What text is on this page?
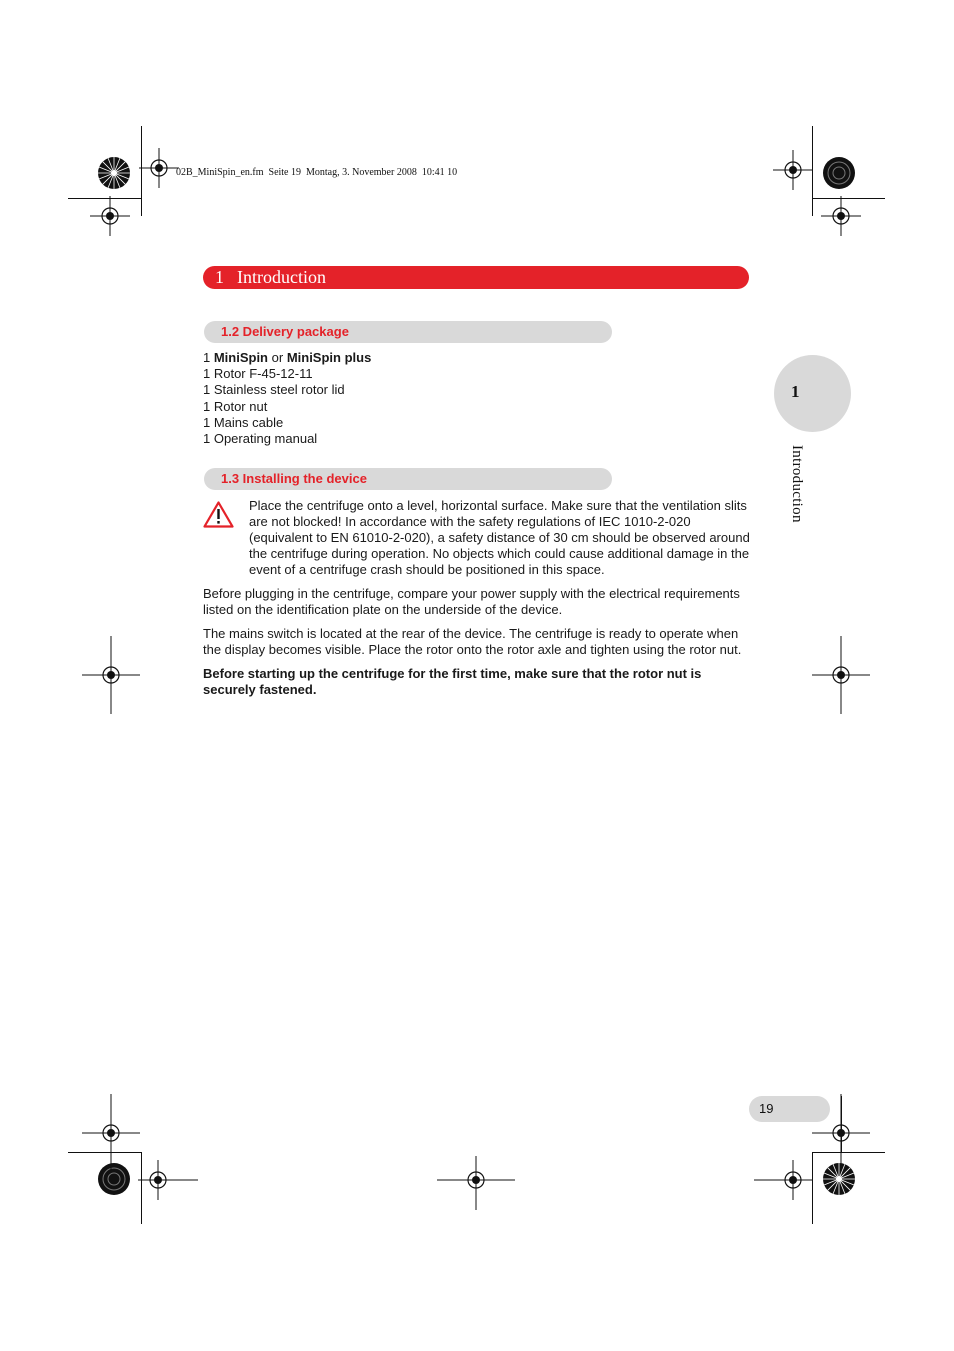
02B_MiniSpin_en.fm  Seite 19  Montag, 3. November 2008  10:41 10
1 Introduction
1.2 Delivery package
1 MiniSpin or MiniSpin plus
1 Rotor F-45-12-11
1 Stainless steel rotor lid
1 Rotor nut
1 Mains cable
1 Operating manual
1.3 Installing the device

Place the centrifuge onto a level, horizontal surface. Make sure that the ventilation slits are not blocked! In accordance with the safety regulations of IEC 1010-2-020 (equivalent to EN 61010-2-020), a safety distance of 30 cm should be observed around the centrifuge during operation. No objects which could cause additional damage in the event of a centrifuge crash should be positioned in this space.

Before plugging in the centrifuge, compare your power supply with the electrical requirements listed on the identification plate on the underside of the device.

The mains switch is located at the rear of the device. The centrifuge is ready to operate when the display becomes visible. Place the rotor onto the rotor axle and tighten using the rotor nut.

Before starting up the centrifuge for the first time, make sure that the rotor nut is securely fastened.

1
Introduction
19
